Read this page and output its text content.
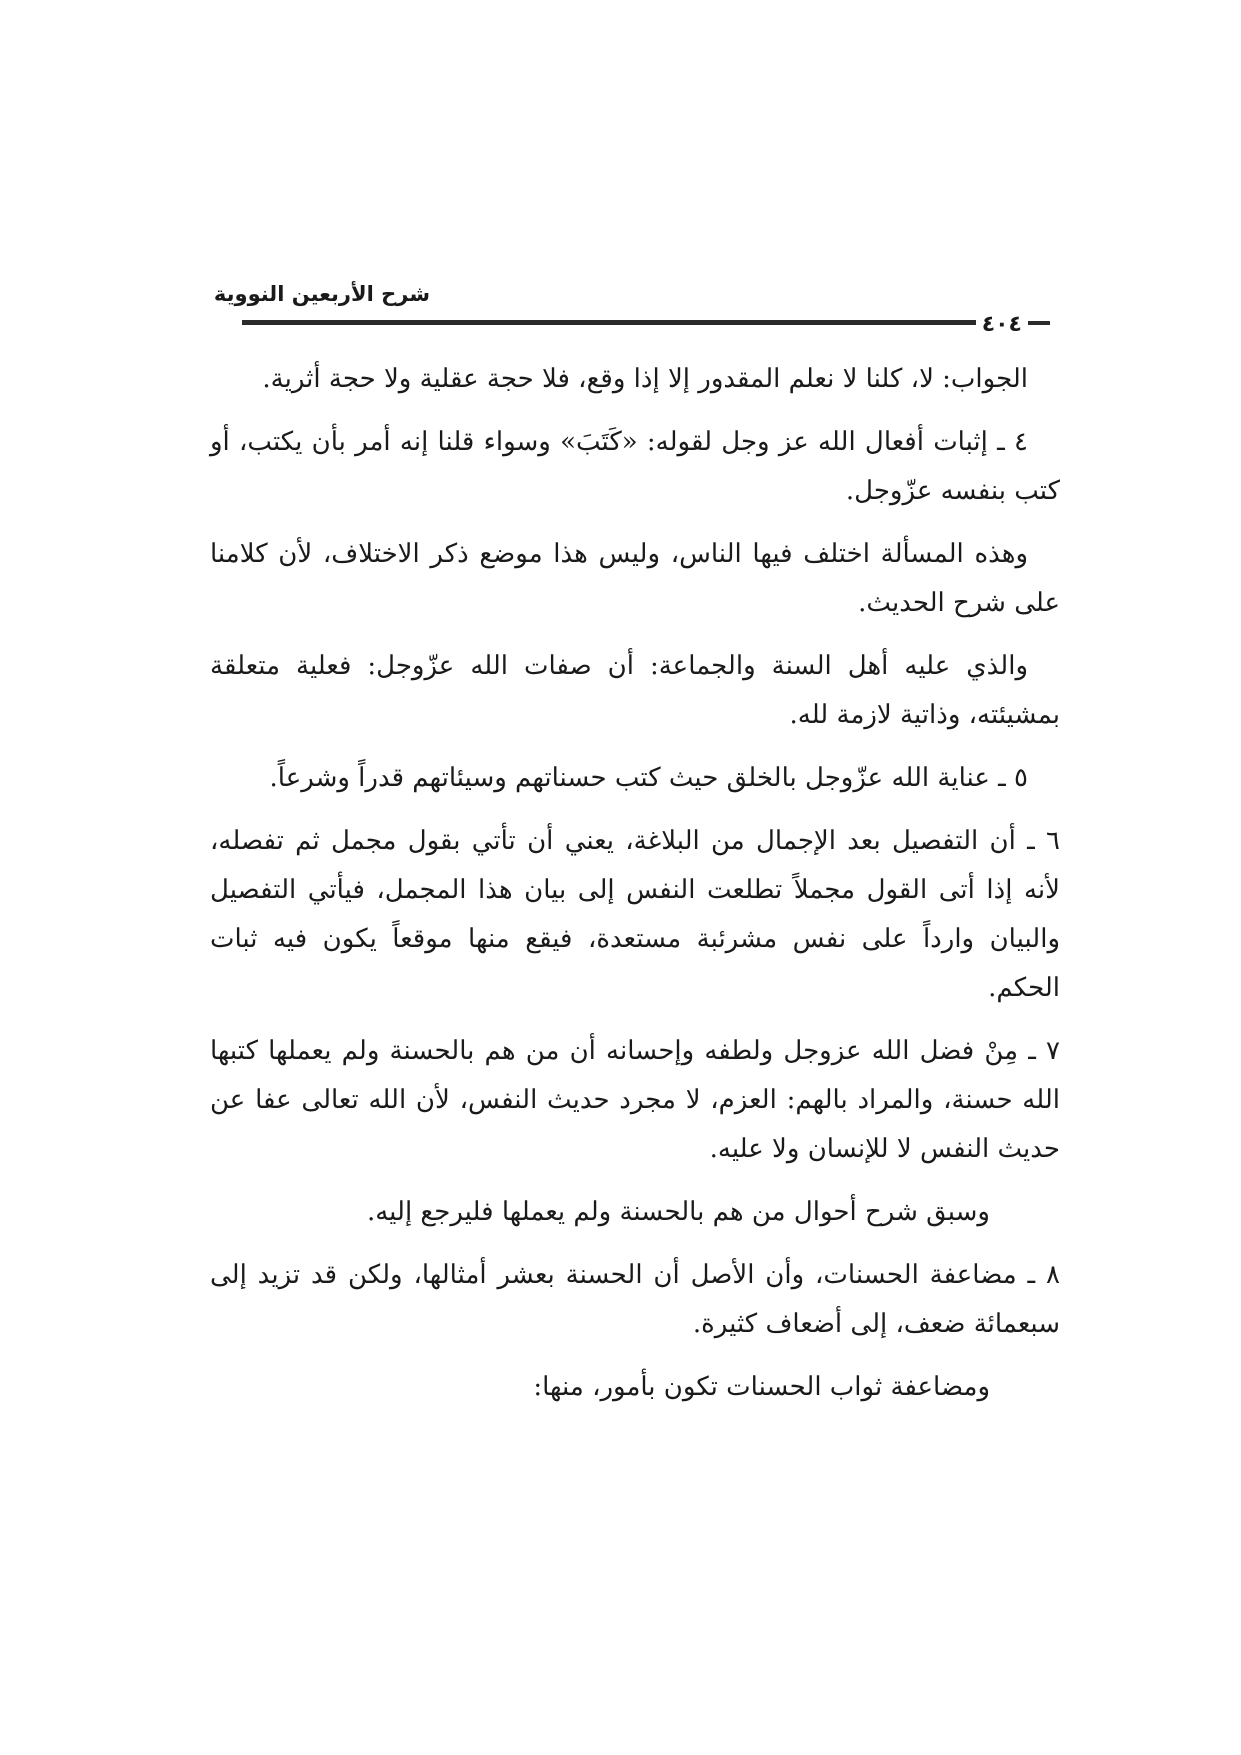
شرح الأربعين النووية
٤٠٤

الجواب: لا، كلنا لا نعلم المقدور إلا إذا وقع، فلا حجة عقلية ولا حجة أثرية.

٤ ـ إثبات أفعال الله عز وجل لقوله: «كَتَبَ» وسواء قلنا إنه أمر بأن يكتب، أو كتب بنفسه عزّوجل.

وهذه المسألة اختلف فيها الناس، وليس هذا موضع ذكر الاختلاف، لأن كلامنا على شرح الحديث.

والذي عليه أهل السنة والجماعة: أن صفات الله عزّوجل: فعلية متعلقة بمشيئته، وذاتية لازمة لله.

٥ ـ عناية الله عزّوجل بالخلق حيث كتب حسناتهم وسيئاتهم قدراً وشرعاً.

٦ ـ أن التفصيل بعد الإجمال من البلاغة، يعني أن تأتي بقول مجمل ثم تفصله، لأنه إذا أتى القول مجملاً تطلعت النفس إلى بيان هذا المجمل، فيأتي التفصيل والبيان وارداً على نفس مشرئبة مستعدة، فيقع منها موقعاً يكون فيه ثبات الحكم.

٧ ـ مِنْ فضل الله عزوجل ولطفه وإحسانه أن من هم بالحسنة ولم يعملها كتبها الله حسنة، والمراد بالهم: العزم، لا مجرد حديث النفس، لأن الله تعالى عفا عن حديث النفس لا للإنسان ولا عليه.

وسبق شرح أحوال من هم بالحسنة ولم يعملها فليرجع إليه.

٨ ـ مضاعفة الحسنات، وأن الأصل أن الحسنة بعشر أمثالها، ولكن قد تزيد إلى سبعمائة ضعف، إلى أضعاف كثيرة.

ومضاعفة ثواب الحسنات تكون بأمور، منها:
